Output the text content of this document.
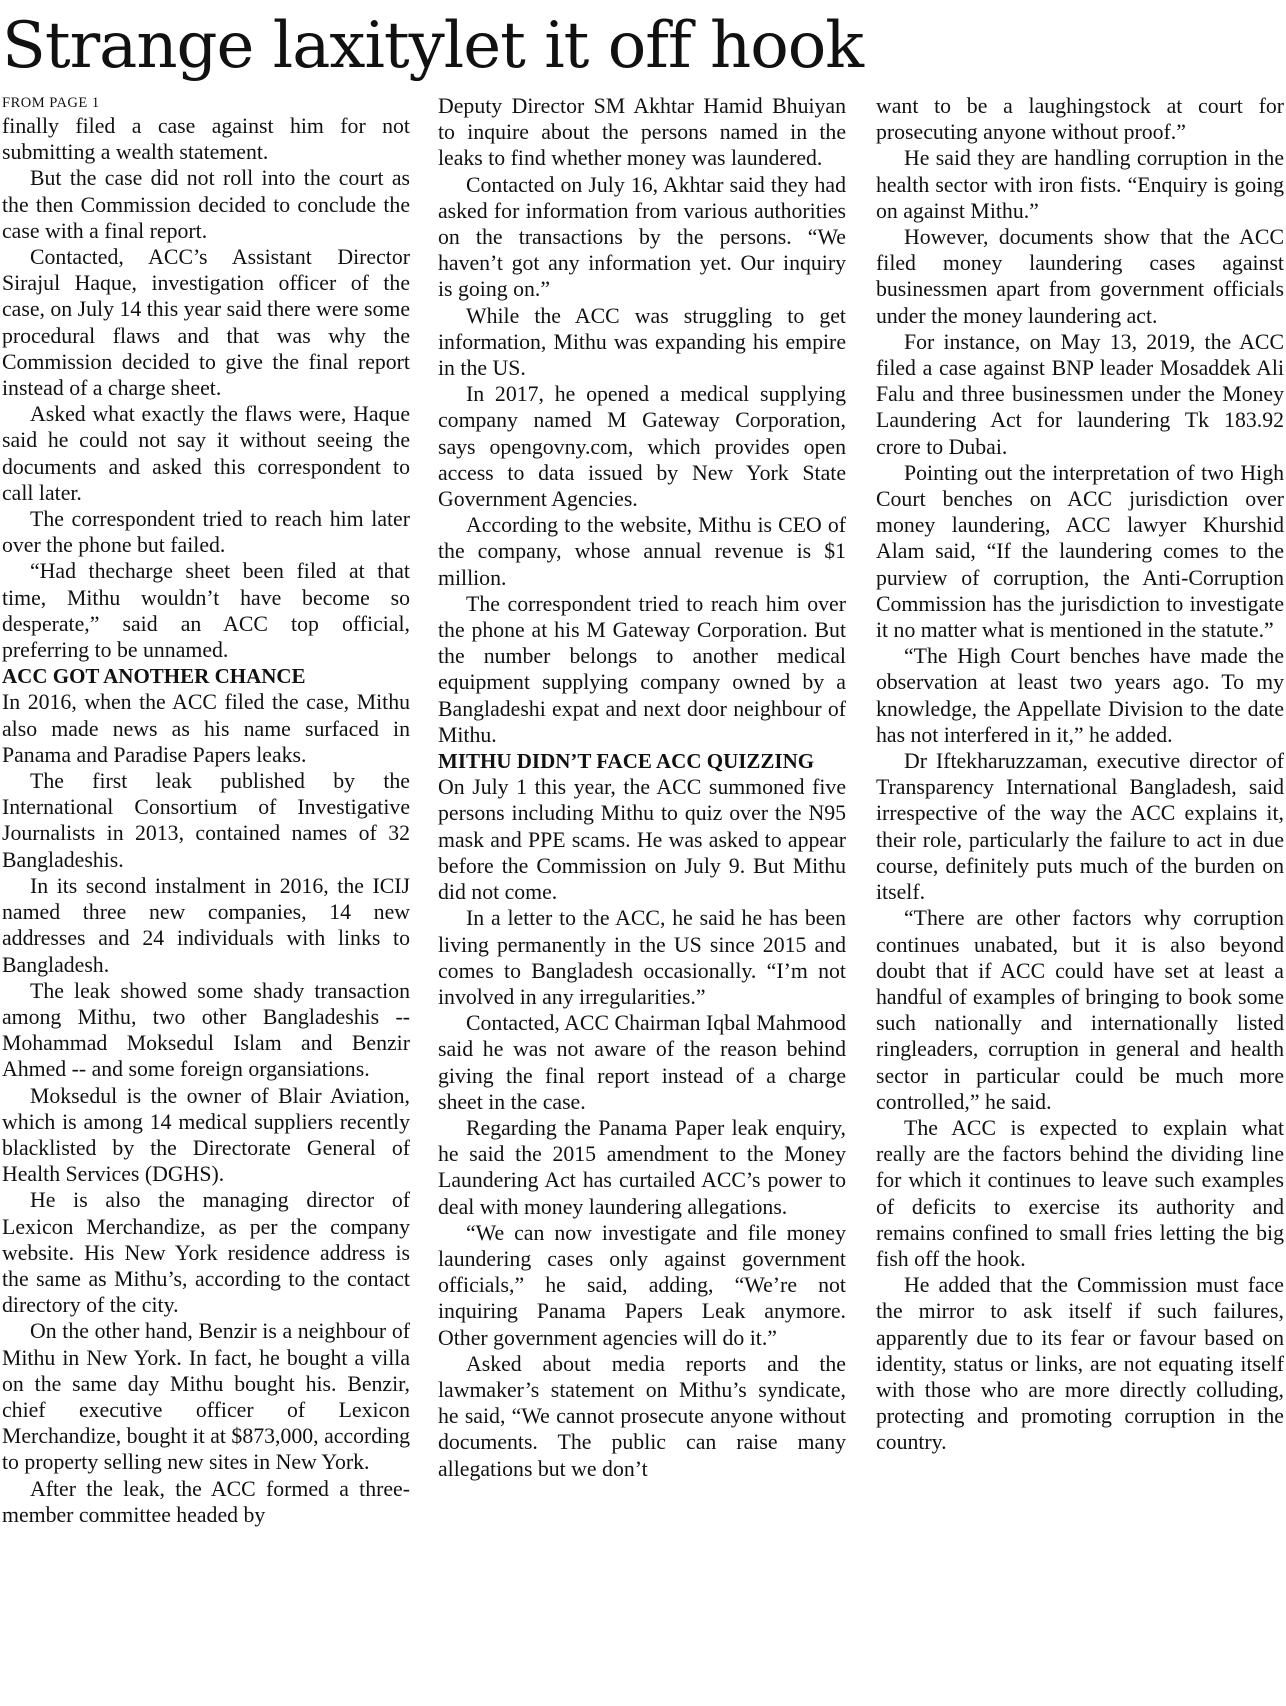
Strange laxitylet it off hook

FROM PAGE 1

finally filed a case against him for not submitting a wealth statement.

But the case did not roll into the court as the then Commission decided to conclude the case with a final report.

Contacted, ACC’s Assistant Director Sirajul Haque, investigation officer of the case, on July 14 this year said there were some procedural flaws and that was why the Commission decided to give the final report instead of a charge sheet.

Asked what exactly the flaws were, Haque said he could not say it without seeing the documents and asked this correspondent to call later.

The correspondent tried to reach him later over the phone but failed.

“Had thecharge sheet been filed at that time, Mithu wouldn’t have become so desperate,” said an ACC top official, preferring to be unnamed.

ACC GOT ANOTHER CHANCE

In 2016, when the ACC filed the case, Mithu also made news as his name surfaced in Panama and Paradise Papers leaks.

The first leak published by the International Consortium of Investigative Journalists in 2013, contained names of 32 Bangladeshis.

In its second instalment in 2016, the ICIJ named three new companies, 14 new addresses and 24 individuals with links to Bangladesh.

The leak showed some shady transaction among Mithu, two other Bangladeshis -- Mohammad Moksedul Islam and Benzir Ahmed -- and some foreign organsiations.

Moksedul is the owner of Blair Aviation, which is among 14 medical suppliers recently blacklisted by the Directorate General of Health Services (DGHS).

He is also the managing director of Lexicon Merchandize, as per the company website. His New York residence address is the same as Mithu’s, according to the contact directory of the city.

On the other hand, Benzir is a neighbour of Mithu in New York. In fact, he bought a villa on the same day Mithu bought his. Benzir, chief executive officer of Lexicon Merchandize, bought it at $873,000, according to property selling new sites in New York.

After the leak, the ACC formed a three-member committee headed by

Deputy Director SM Akhtar Hamid Bhuiyan to inquire about the persons named in the leaks to find whether money was laundered.

Contacted on July 16, Akhtar said they had asked for information from various authorities on the transactions by the persons. “We haven’t got any information yet. Our inquiry is going on.”

While the ACC was struggling to get information, Mithu was expanding his empire in the US.

In 2017, he opened a medical supplying company named M Gateway Corporation, says opengovny.com, which provides open access to data issued by New York State Government Agencies.

According to the website, Mithu is CEO of the company, whose annual revenue is $1 million.

The correspondent tried to reach him over the phone at his M Gateway Corporation. But the number belongs to another medical equipment supplying company owned by a Bangladeshi expat and next door neighbour of Mithu.

MITHU DIDN’T FACE ACC QUIZZING

On July 1 this year, the ACC summoned five persons including Mithu to quiz over the N95 mask and PPE scams. He was asked to appear before the Commission on July 9. But Mithu did not come.

In a letter to the ACC, he said he has been living permanently in the US since 2015 and comes to Bangladesh occasionally. “I’m not involved in any irregularities.”

Contacted, ACC Chairman Iqbal Mahmood said he was not aware of the reason behind giving the final report instead of a charge sheet in the case.

Regarding the Panama Paper leak enquiry, he said the 2015 amendment to the Money Laundering Act has curtailed ACC’s power to deal with money laundering allegations.

“We can now investigate and file money laundering cases only against government officials,” he said, adding, “We’re not inquiring Panama Papers Leak anymore. Other government agencies will do it.”

Asked about media reports and the lawmaker’s statement on Mithu’s syndicate, he said, “We cannot prosecute anyone without documents. The public can raise many allegations but we don’t

want to be a laughingstock at court for prosecuting anyone without proof.”

He said they are handling corruption in the health sector with iron fists. “Enquiry is going on against Mithu.”

However, documents show that the ACC filed money laundering cases against businessmen apart from government officials under the money laundering act.

For instance, on May 13, 2019, the ACC filed a case against BNP leader Mosaddek Ali Falu and three businessmen under the Money Laundering Act for laundering Tk 183.92 crore to Dubai.

Pointing out the interpretation of two High Court benches on ACC jurisdiction over money laundering, ACC lawyer Khurshid Alam said, “If the laundering comes to the purview of corruption, the Anti-Corruption Commission has the jurisdiction to investigate it no matter what is mentioned in the statute.”

“The High Court benches have made the observation at least two years ago. To my knowledge, the Appellate Division to the date has not interfered in it,” he added.

Dr Iftekharuzzaman, executive director of Transparency International Bangladesh, said irrespective of the way the ACC explains it, their role, particularly the failure to act in due course, definitely puts much of the burden on itself.

“There are other factors why corruption continues unabated, but it is also beyond doubt that if ACC could have set at least a handful of examples of bringing to book some such nationally and internationally listed ringleaders, corruption in general and health sector in particular could be much more controlled,” he said.

The ACC is expected to explain what really are the factors behind the dividing line for which it continues to leave such examples of deficits to exercise its authority and remains confined to small fries letting the big fish off the hook.

He added that the Commission must face the mirror to ask itself if such failures, apparently due to its fear or favour based on identity, status or links, are not equating itself with those who are more directly colluding, protecting and promoting corruption in the country.
